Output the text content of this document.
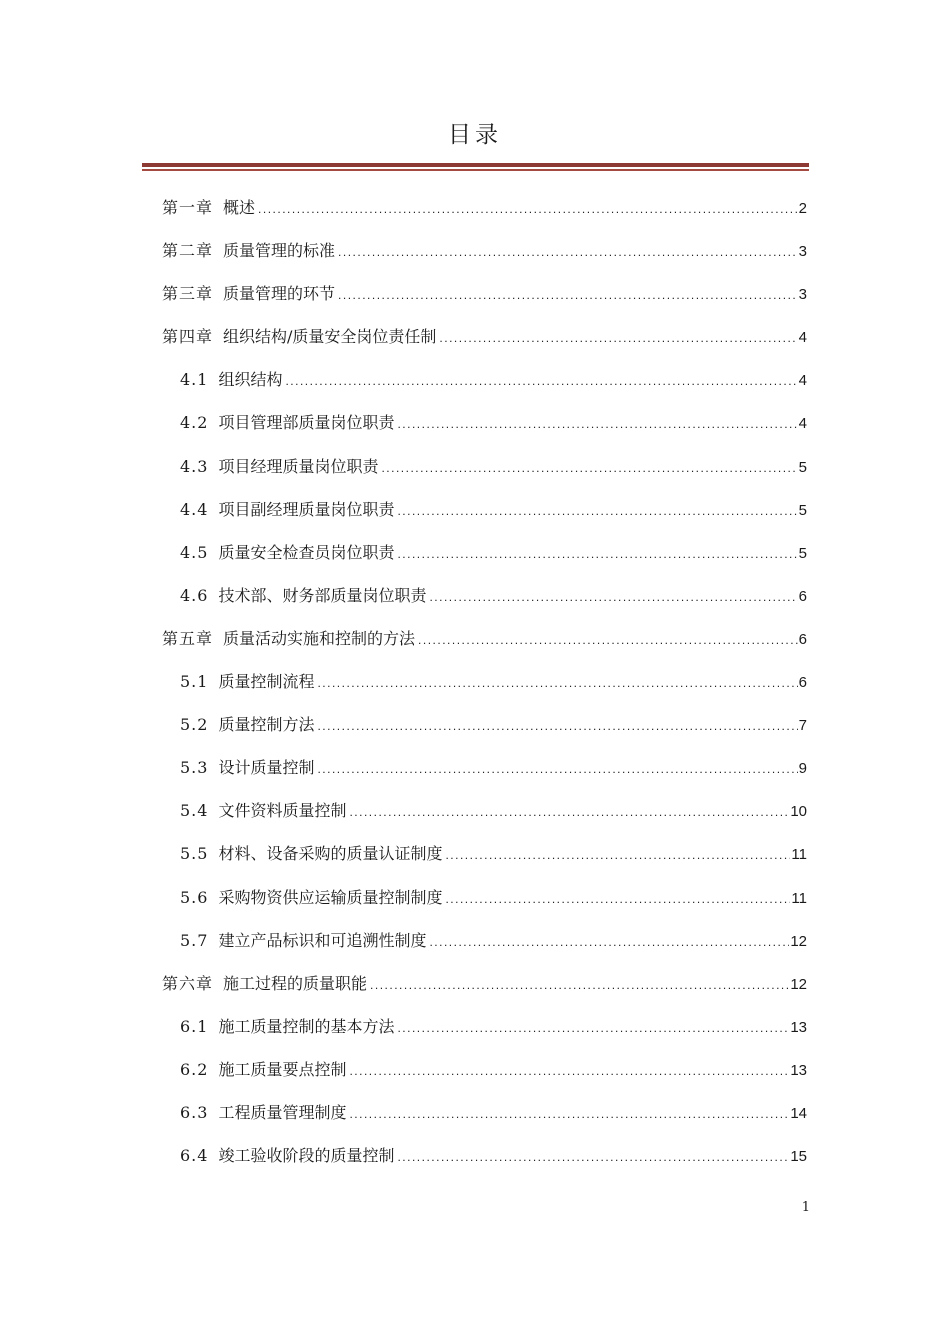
目录
第一章 概述 .....	2
第二章 质量管理的标准 .....	3
第三章 质量管理的环节 .....	3
第四章 组织结构/质量安全岗位责任制 .....	4
4.1 组织结构 .....	4
4.2 项目管理部质量岗位职责 .....	4
4.3 项目经理质量岗位职责 .....	5
4.4 项目副经理质量岗位职责 .....	5
4.5 质量安全检查员岗位职责 .....	5
4.6 技术部、财务部质量岗位职责 .....	6
第五章 质量活动实施和控制的方法 .....	6
5.1 质量控制流程 .....	6
5.2 质量控制方法 .....	7
5.3 设计质量控制 .....	9
5.4 文件资料质量控制 .....	10
5.5 材料、设备采购的质量认证制度 .....	11
5.6 采购物资供应运输质量控制制度 .....	11
5.7 建立产品标识和可追溯性制度 .....	12
第六章 施工过程的质量职能 .....	12
6.1 施工质量控制的基本方法 .....	13
6.2 施工质量要点控制 .....	13
6.3 工程质量管理制度 .....	14
6.4 竣工验收阶段的质量控制 .....	15
1
